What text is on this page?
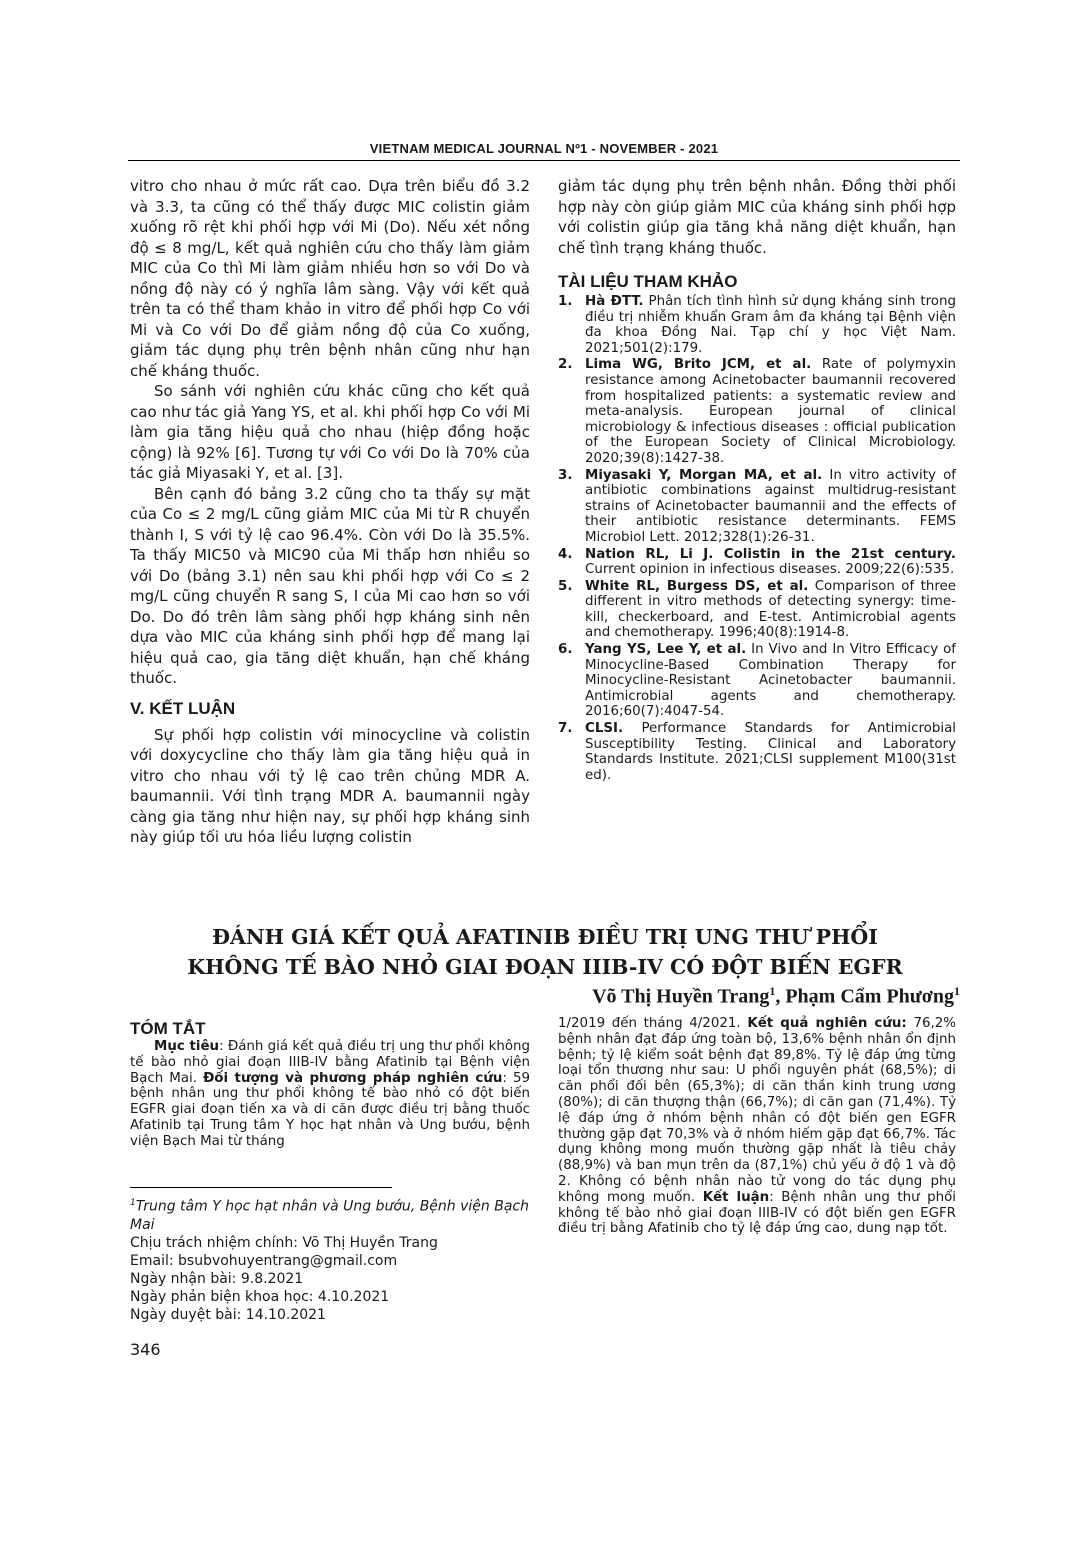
VIETNAM MEDICAL JOURNAL Nº1 - NOVEMBER - 2021

vitro cho nhau ở mức rất cao. Dựa trên biểu đồ 3.2 và 3.3, ta cũng có thể thấy được MIC colistin giảm xuống rõ rệt khi phối hợp với Mi (Do). Nếu xét nồng độ ≤ 8 mg/L, kết quả nghiên cứu cho thấy làm giảm MIC của Co thì Mi làm giảm nhiều hơn so với Do và nồng độ này có ý nghĩa lâm sàng. Vậy với kết quả trên ta có thể tham khảo in vitro để phối hợp Co với Mi và Co với Do để giảm nồng độ của Co xuống, giảm tác dụng phụ trên bệnh nhân cũng như hạn chế kháng thuốc.

So sánh với nghiên cứu khác cũng cho kết quả cao như tác giả Yang YS, et al. khi phối hợp Co với Mi làm gia tăng hiệu quả cho nhau (hiệp đồng hoặc cộng) là 92% [6]. Tương tự với Co với Do là 70% của tác giả Miyasaki Y, et al. [3].

Bên cạnh đó bảng 3.2 cũng cho ta thấy sự mặt của Co ≤ 2 mg/L cũng giảm MIC của Mi từ R chuyển thành I, S với tỷ lệ cao 96.4%. Còn với Do là 35.5%. Ta thấy MIC50 và MIC90 của Mi thấp hơn nhiều so với Do (bảng 3.1) nên sau khi phối hợp với Co ≤ 2 mg/L cũng chuyển R sang S, I của Mi cao hơn so với Do. Do đó trên lâm sàng phối hợp kháng sinh nên dựa vào MIC của kháng sinh phối hợp để mang lại hiệu quả cao, gia tăng diệt khuẩn, hạn chế kháng thuốc.

V. KẾT LUẬN

Sự phối hợp colistin với minocycline và colistin với doxycycline cho thấy làm gia tăng hiệu quả in vitro cho nhau với tỷ lệ cao trên chủng MDR A. baumannii. Với tình trạng MDR A. baumannii ngày càng gia tăng như hiện nay, sự phối hợp kháng sinh này giúp tối ưu hóa liều lượng colistin

giảm tác dụng phụ trên bệnh nhân. Đồng thời phối hợp này còn giúp giảm MIC của kháng sinh phối hợp với colistin giúp gia tăng khả năng diệt khuẩn, hạn chế tình trạng kháng thuốc.

TÀI LIỆU THAM KHẢO
1. Hà ĐTT. Phân tích tình hình sử dụng kháng sinh trong điều trị nhiễm khuẩn Gram âm đa kháng tại Bệnh viện đa khoa Đồng Nai. Tạp chí y học Việt Nam. 2021;501(2):179.
2. Lima WG, Brito JCM, et al. Rate of polymyxin resistance among Acinetobacter baumannii recovered from hospitalized patients: a systematic review and meta-analysis. European journal of clinical microbiology & infectious diseases : official publication of the European Society of Clinical Microbiology. 2020;39(8):1427-38.
3. Miyasaki Y, Morgan MA, et al. In vitro activity of antibiotic combinations against multidrug-resistant strains of Acinetobacter baumannii and the effects of their antibiotic resistance determinants. FEMS Microbiol Lett. 2012;328(1):26-31.
4. Nation RL, Li J. Colistin in the 21st century. Current opinion in infectious diseases. 2009;22(6):535.
5. White RL, Burgess DS, et al. Comparison of three different in vitro methods of detecting synergy: time-kill, checkerboard, and E-test. Antimicrobial agents and chemotherapy. 1996;40(8):1914-8.
6. Yang YS, Lee Y, et al. In Vivo and In Vitro Efficacy of Minocycline-Based Combination Therapy for Minocycline-Resistant Acinetobacter baumannii. Antimicrobial agents and chemotherapy. 2016;60(7):4047-54.
7. CLSI. Performance Standards for Antimicrobial Susceptibility Testing. Clinical and Laboratory Standards Institute. 2021;CLSI supplement M100(31st ed).
ĐÁNH GIÁ KẾT QUẢ AFATINIB ĐIỀU TRỊ UNG THƯ PHỔI
KHÔNG TẾ BÀO NHỎ GIAI ĐOẠN IIIB-IV CÓ ĐỘT BIẾN EGFR
Võ Thị Huyền Trang$^1$, Phạm Cẩm Phương$^1$
TÓM TẮT

Mục tiêu: Đánh giá kết quả điều trị ung thư phổi không tế bào nhỏ giai đoạn IIIB-IV bằng Afatinib tại Bệnh viện Bạch Mai. Đối tượng và phương pháp nghiên cứu: 59 bệnh nhân ung thư phổi không tế bào nhỏ có đột biến EGFR giai đoạn tiến xa và di căn được điều trị bằng thuốc Afatinib tại Trung tâm Y học hạt nhân và Ung bướu, bệnh viện Bạch Mai từ tháng

1/2019 đến tháng 4/2021. Kết quả nghiên cứu: 76,2% bệnh nhân đạt đáp ứng toàn bộ, 13,6% bệnh nhân ổn định bệnh; tỷ lệ kiểm soát bệnh đạt 89,8%. Tỷ lệ đáp ứng từng loại tổn thương như sau: U phổi nguyên phát (68,5%); di căn phổi đối bên (65,3%); di căn thần kinh trung ương (80%); di căn thượng thận (66,7%); di căn gan (71,4%). Tỷ lệ đáp ứng ở nhóm bệnh nhân có đột biến gen EGFR thường gặp đạt 70,3% và ở nhóm hiếm gặp đạt 66,7%. Tác dụng không mong muốn thường gặp nhất là tiêu chảy (88,9%) và ban mụn trên da (87,1%) chủ yếu ở độ 1 và độ 2. Không có bệnh nhân nào tử vong do tác dụng phụ không mong muốn. Kết luận: Bệnh nhân ung thư phổi không tế bào nhỏ giai đoạn IIIB-IV có đột biến gen EGFR điều trị bằng Afatinib cho tỷ lệ đáp ứng cao, dung nạp tốt.

$^1$Trung tâm Y học hạt nhân và Ung bướu, Bệnh viện Bạch Mai
Chịu trách nhiệm chính: Võ Thị Huyền Trang
Email: bsubvohuyentrang@gmail.com
Ngày nhận bài: 9.8.2021
Ngày phản biện khoa học: 4.10.2021
Ngày duyệt bài: 14.10.2021
346
